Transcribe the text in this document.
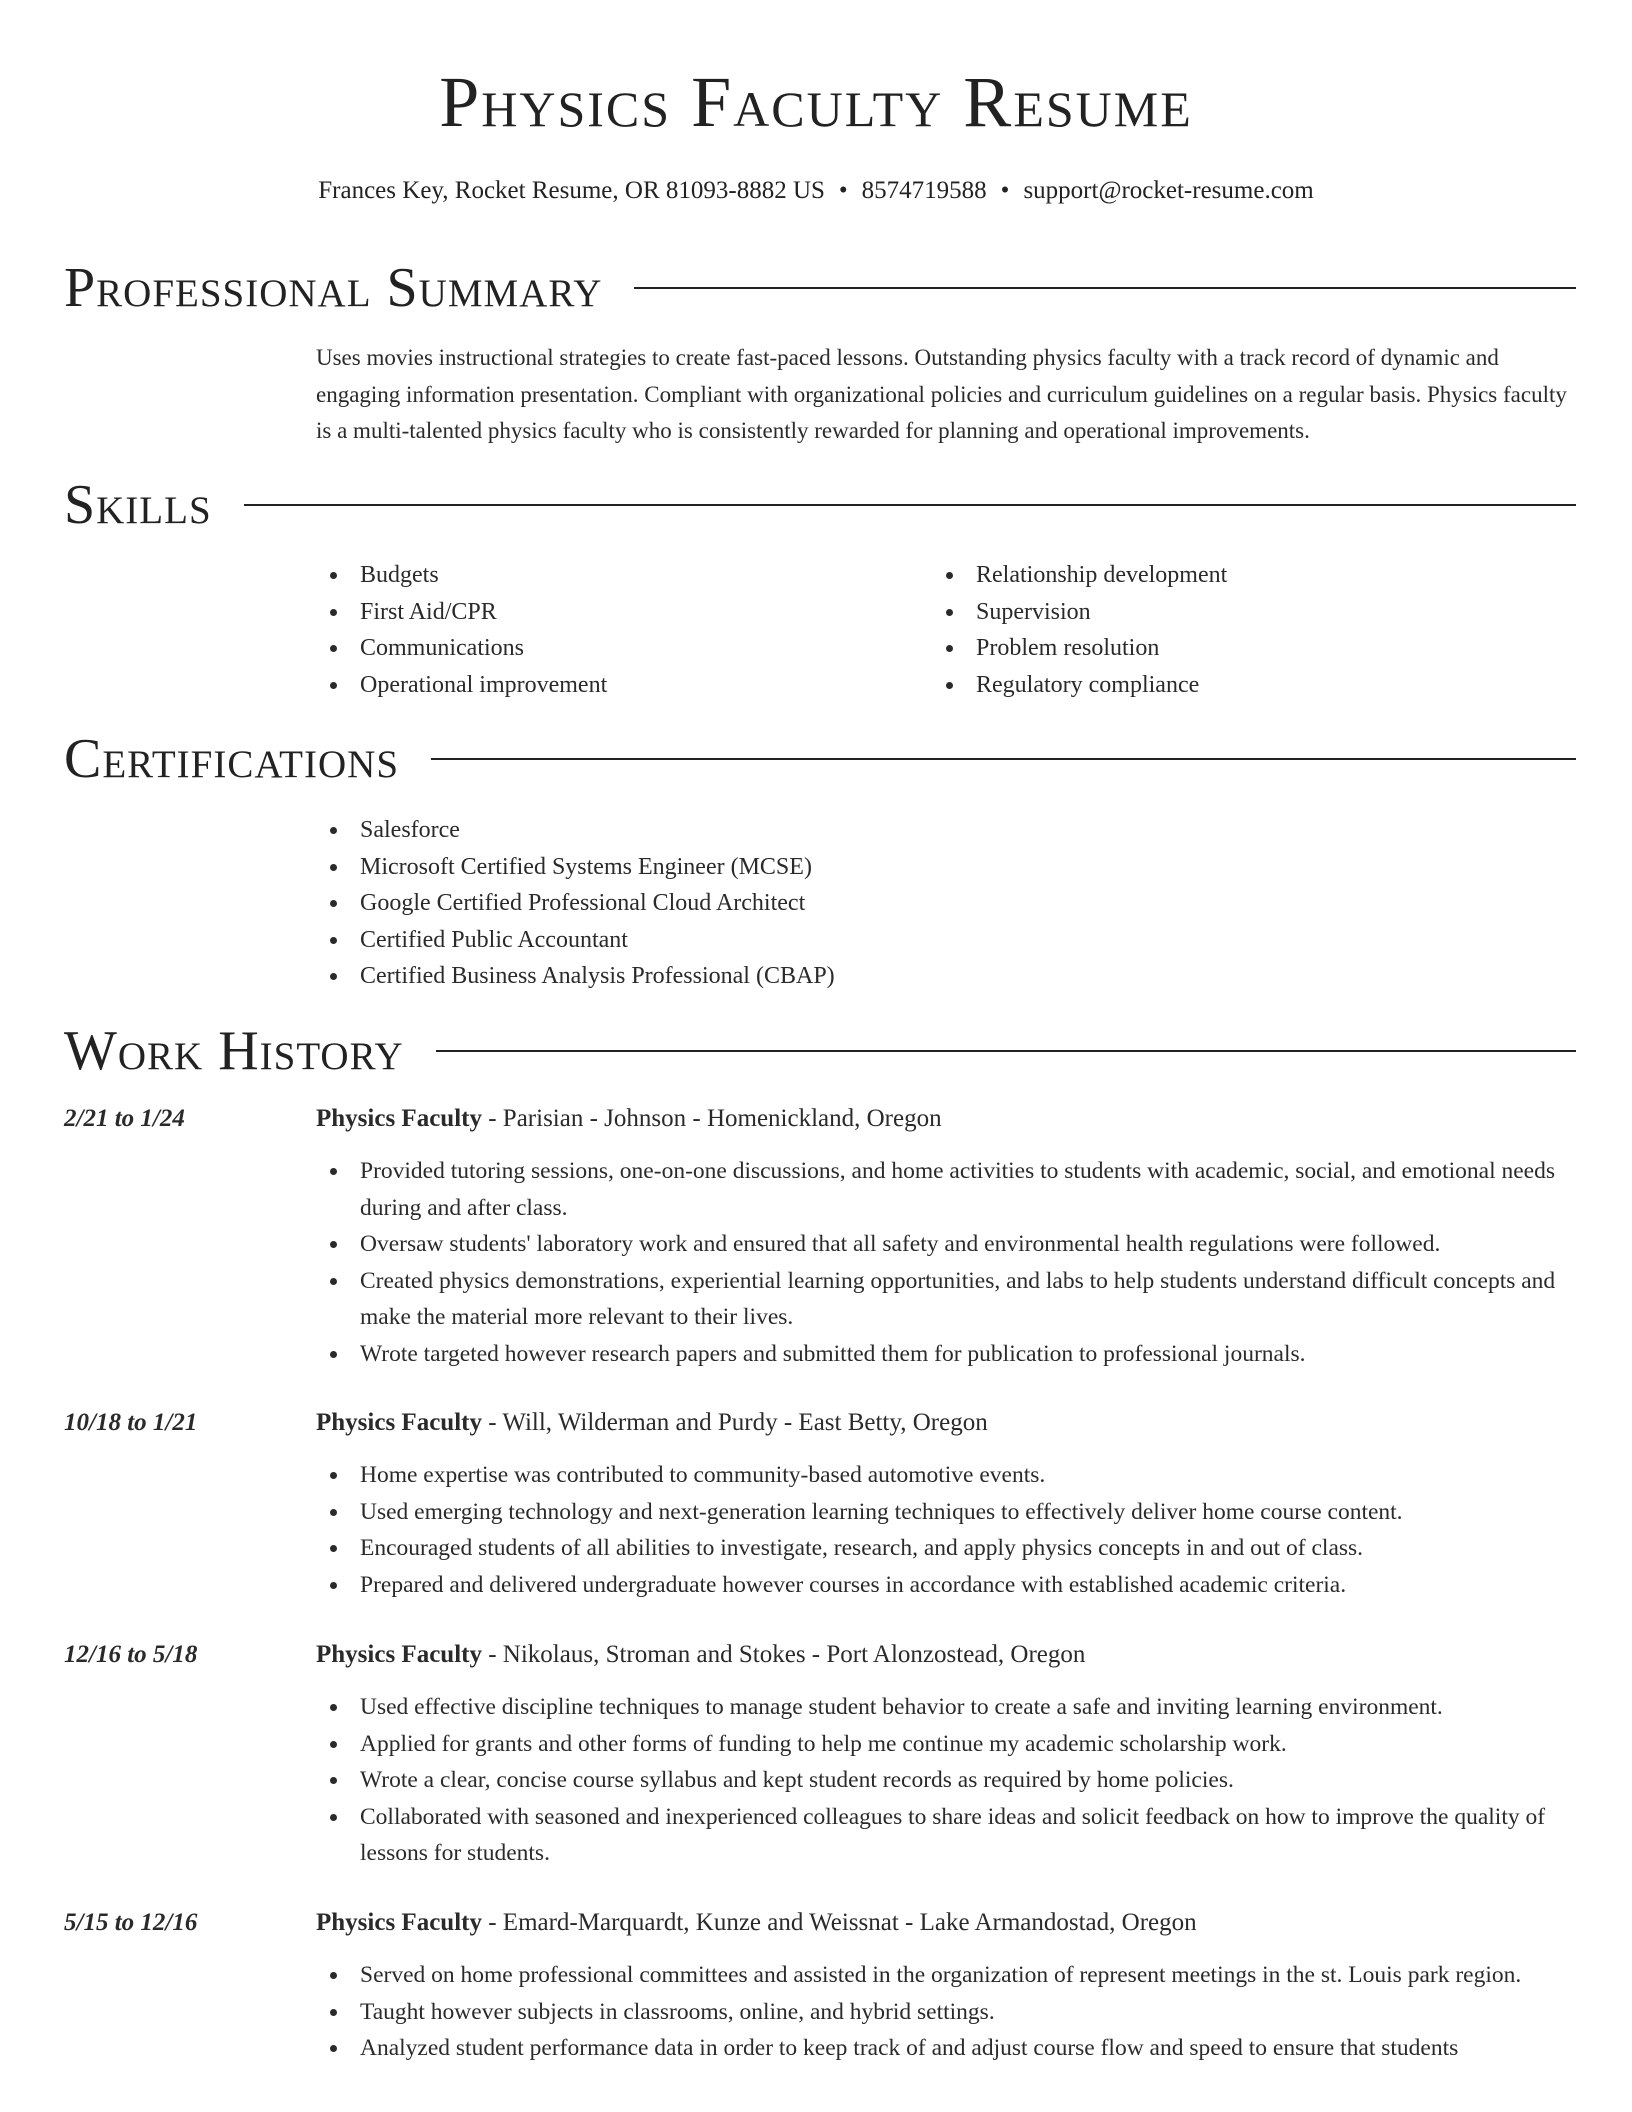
Physics Faculty Resume
Frances Key, Rocket Resume, OR 81093-8882 US • 8574719588 • support@rocket-resume.com
Professional Summary

Uses movies instructional strategies to create fast-paced lessons. Outstanding physics faculty with a track record of dynamic and engaging information presentation. Compliant with organizational policies and curriculum guidelines on a regular basis. Physics faculty is a multi-talented physics faculty who is consistently rewarded for planning and operational improvements.

Skills
Budgets
First Aid/CPR
Communications
Operational improvement
Relationship development
Supervision
Problem resolution
Regulatory compliance
Certifications
Salesforce
Microsoft Certified Systems Engineer (MCSE)
Google Certified Professional Cloud Architect
Certified Public Accountant
Certified Business Analysis Professional (CBAP)
Work History
2/21 to 1/24	Physics Faculty - Parisian - Johnson - Homenickland, Oregon
Provided tutoring sessions, one-on-one discussions, and home activities to students with academic, social, and emotional needs during and after class.
Oversaw students' laboratory work and ensured that all safety and environmental health regulations were followed.
Created physics demonstrations, experiential learning opportunities, and labs to help students understand difficult concepts and make the material more relevant to their lives.
Wrote targeted however research papers and submitted them for publication to professional journals.
10/18 to 1/21	Physics Faculty - Will, Wilderman and Purdy - East Betty, Oregon
Home expertise was contributed to community-based automotive events.
Used emerging technology and next-generation learning techniques to effectively deliver home course content.
Encouraged students of all abilities to investigate, research, and apply physics concepts in and out of class.
Prepared and delivered undergraduate however courses in accordance with established academic criteria.
12/16 to 5/18	Physics Faculty - Nikolaus, Stroman and Stokes - Port Alonzostead, Oregon
Used effective discipline techniques to manage student behavior to create a safe and inviting learning environment.
Applied for grants and other forms of funding to help me continue my academic scholarship work.
Wrote a clear, concise course syllabus and kept student records as required by home policies.
Collaborated with seasoned and inexperienced colleagues to share ideas and solicit feedback on how to improve the quality of lessons for students.
5/15 to 12/16	Physics Faculty - Emard-Marquardt, Kunze and Weissnat - Lake Armandostad, Oregon
Served on home professional committees and assisted in the organization of represent meetings in the st. Louis park region.
Taught however subjects in classrooms, online, and hybrid settings.
Analyzed student performance data in order to keep track of and adjust course flow and speed to ensure that students
